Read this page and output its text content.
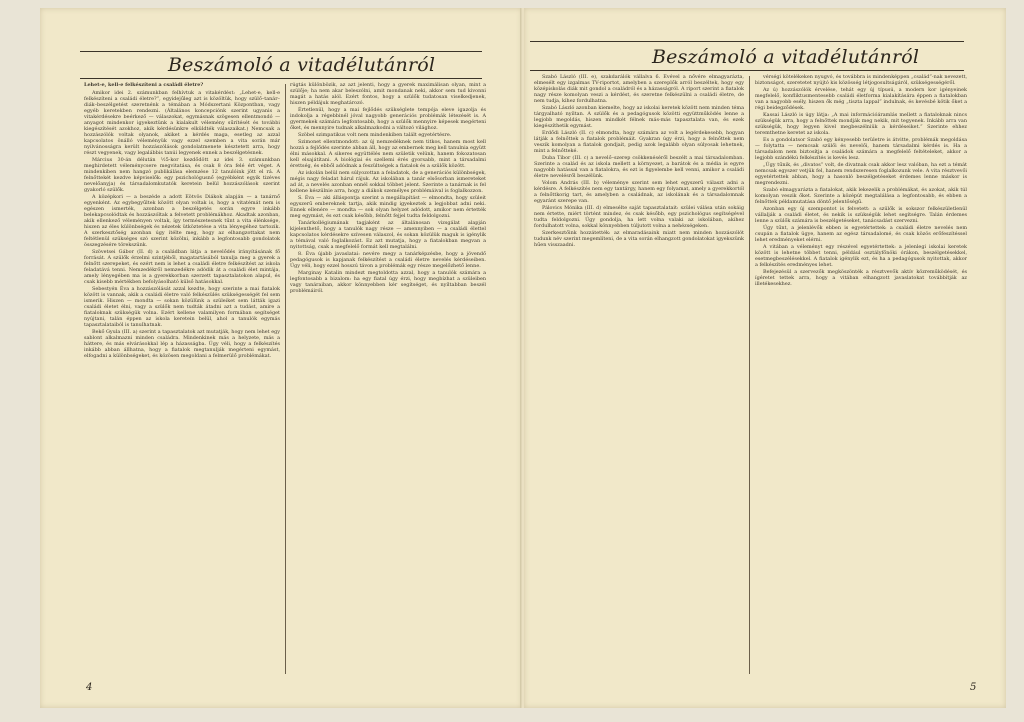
Beszámoló a vitadélutánról

Lehet-e, kell-e felkészíteni a családi életre?

Amikor idei 2. számunkban felhívtuk a vitakérdést: „Lehet-e, kell-e felkészíteni a családi életre?”, egyidejűleg azt is közöltük, hogy szülő–tanár–diák–beszélgetést szeretnénk a témában a Módszertani Központban, vagy egyéb keretekben rendezni. (Általános koncepciónk szerint ugyanis a vitakérdésekre beérkező — válaszokat, egymásnak szögesen ellentmondó — anyagot mindenkor igyekeztünk a kialakult vélemény sűrítését és további kiegészítését azokhoz, akik kérdésünkre elküldték válaszaikat.) Nemcsak a hozzászólók voltak olyanok, akiket a kérdés maga, esetleg az azzal kapcsolatos önálló véleményük vagy ezzel szemben a vita során már nyilvánosságra került hozzászólások gondolatmenete késztetett arra, hogy részt vegyenek, vagy legalábbis tanúi legyenek ennek a beszélgetésnek.

Március 30-án délután ½5-kor kezdődött az idei 3. számunkban meghirdetett véleménycsere megvitatása, és csak 8 óra felé ért véget. A mindenkiben nem hangzó publikálása elemzése 12 tanulóink jött el rá. A felnőttekét kezdve képviselők: egy pszichológusnő (egyébként egyik tizéves nevelőanyja) és társadalomkutatók keretein belül hozzászólások szerint gyakorló szülők.

A középkori — a beszéde a adott Eötvös Diákok alapján — a tanárnő egyenként. Az egybegyűltek között olyan voltak is, hogy a vitatémát nem is egészen ismerték, azonban a beszélgetés során egyre inkább belekapcsolódtak és hozzászóltak a felvetett problémákhoz. Akadtak azonban, akik ellenkező véleményen voltak, így természetesnek tűnt a vita élénksége, hiszen az éles különbségek és nézetek ütköztetése a vita lényegéhez tartozik. A szerkesztőség azonban úgy ítélte meg, hogy az elhangzottakat nem feltétlenül szükséges szó szerint közölni, inkább a legfontosabb gondolatok összegzésére törekszünk.

Szövetsei Gábor (II. d) a családban látja a nevelődés irányításának fő forrását. A szülők érzelmi szintjéből, magatartásából tanulja meg a gyerek a felnőtt szerepeket, és ezért nem is lehet a családi életre felkészítést az iskola feladatává tenni. Nemzedékről nemzedékre adódik át a családi élet mintája, amely lényegében ma is a gyerekkorban szerzett tapasztalatokon alapul, és csak kisebb mértékben befolyásolható külső hatásokkal.

Sebestyén Éva a hozzászólását azzal kezdte, hogy szerinte a mai fiatalok között is vannak, akik a családi életre való felkészülés szükségességét fel sem ismerik. Hiszen — mondta — sokan közülünk a szüleiket sem látták igazi családi életet élni, vagy a szülők nem tudták átadni azt a tudást, amire a fiataloknak szükségük volna. Ezért kellene valamilyen formában segítséget nyújtani, talán éppen az iskola keretein belül, ahol a tanulók egymás tapasztalataiból is tanulhatnak.

Bekő Gyula (III. a) szerint a tapasztalatok azt mutatják, hogy nem lehet egy sablont alkalmazni minden családra. Mindenkinek más a helyzete, más a háttere, és más elvárásokkal lép a házasságba. Úgy véli, hogy a felkészítés inkább abban állhatna, hogy a fiatalok megtanulják megérteni egymást, elfogadni a különbségeket, és közösen megoldani a felmerülő problémákat.

rúgtás különbözik, az azt jelenti, hogy a gyerek maximálisan olyan, mint a szülője; ha nem akar beleszólni, amit mondanak neki, akkor sem tud kivonni magát a hatás alól. Ezért fontos, hogy a szülők tudatosan viselkedjenek, hiszen példájuk meghatározó.

Értetlenül, hogy a mai fejlődés szükséglete tempója eleve igazolja és indokolja a régebbinél jóval nagyobb generációs problémák létezését is. A gyermekek számára legfontosabb, hogy a szülők mennyire képesek megérteni őket, és mennyire tudnak alkalmazkodni a változó világhoz.

Szöbel szimpatikus volt nem mindenkiben talált egyetértésre.

Szimonet ellentmondott: az új nemzedéknek nem titkos, hanem most kell hozzá a fejlődés szerinte abban áll, hogy az embernek meg kell tanulnia együtt élni másokkal. A sikeres együttélés nem születik velünk, hanem fokozatosan kell elsajátítani. A biológiai és szellemi érés gyorsabb, mint a társadalmi érettség, és ebből adódnak a feszültségek a fiatalok és a szülők között.

Az iskolán belül nem súlyozottan a feladatok, de a generációs különbségek, mégis nagy feladat hárul rájuk. Az iskolában a tanár elsősorban ismereteket ad át, a nevelés azonban ennél sokkal többet jelent. Szerinte a tanárnak is fel kellene készülnie arra, hogy a diákok személyes problémáival is foglalkozzon.

S. Éva — aki álláspontja szerint a megállapítást — elmondta, hogy szüleit egyszerű embereknek tartja, akik mindig igyekeztek a legjobbat adni neki. Ennek ellenére — mondta — sok olyan helyzet adódott, amikor nem értették meg egymást, és ezt csak később, felnőtt fejjel tudta feldolgozni.

Tanárkollégiumának tagjaként az általánosan vizsgálat alapján kijelenthető, hogy a tanulók nagy része — amennyiben — a családi élettel kapcsolatos kérdésekre szívesen válaszol, és sokan közülük maguk is igénylik a témával való foglalkozást. Ez azt mutatja, hogy a fiatalokban megvan a nyitottság, csak a megfelelő formát kell megtalálni.

8. Éva újabb javaslatai: nevére megy a tanárképzésbe, hogy a jövendő pedagógusok is kapjanak felkészítést a családi életre nevelés kérdéseiben. Úgy véli, hogy ezzel hosszú távon a problémák egy része megelőzhető lenne.

Marginay Katalin mindezt megtoldotta azzal, hogy a tanulók számára a legfontosabb a bizalom: ha egy fiatal úgy érzi, hogy megbízhat a szüleiben vagy tanáraiban, akkor könnyebben kér segítséget, és nyíltabban beszél problémáiról.

4
Beszámoló a vitadélutánról

Szabó László (III. e), szakdarálók vállalva 6. Évével a nővére elmagyarázta, elmesélt egy izgalmas TV-riportot, amelyben a szereplők arról beszéltek, hogy egy középiskolás diák mit gondol a családról és a házasságról. A riport szerint a fiatalok nagy része komolyan veszi a kérdést, és szeretne felkészülni a családi életre, de nem tudja, kihez fordulhatna.

Szabó László azonban kiemelte, hogy az iskolai keretek között nem minden téma tárgyalható nyíltan. A szülők és a pedagógusok közötti együttműködés lenne a legjobb megoldás, hiszen mindkét félnek más-más tapasztalata van, és ezek kiegészíthetik egymást.

Erdődi László (II. c) elmondta, hogy számára az volt a legérdekesebb, hogyan látják a felnőttek a fiatalok problémáit. Gyakran úgy érzi, hogy a felnőttek nem veszik komolyan a fiatalok gondjait, pedig azok legalább olyan súlyosak lehetnek, mint a felnőtteké.

Duba Tibor (III. c) a nevelő–szerep csökkenéséről beszélt a mai társadalomban. Szerinte a család és az iskola mellett a környezet, a barátok és a média is egyre nagyobb hatással van a fiatalokra, és ezt is figyelembe kell venni, amikor a családi életre nevelésről beszélünk.

Volom András (III. b) véleménye szerint sem lehet egyszerű választ adni a kérdésre. A felkészítés nem egy tantárgy, hanem egy folyamat, amely a gyerekkortól a felnőttkorig tart, és amelyben a családnak, az iskolának és a társadalomnak egyaránt szerepe van.

Pálovics Mónika (III. d) elmesélte saját tapasztalatait: szülei válása után sokáig nem értette, miért történt mindez, és csak később, egy pszichológus segítségével tudta feldolgozni. Úgy gondolja, ha lett volna valaki az iskolában, akihez fordulhatott volna, sokkal könnyebben túljutott volna a nehézségeken.

Szerkesztőink hozzátették: az elmaradásaink miatt nem minden hozzászólót tudunk név szerint megemlíteni, de a vita során elhangzott gondolatokat igyekszünk hűen visszaadni.

vérségi kötelékeken nyugvó, és továbbra is mindenképpen „család”-nak nevezett, biztonságot, szeretetet nyújtó kis közösség létjogosultságáról, szükségességéről.

Az ú) hozzászólók érvelése, tehát egy új típusú, a modern kor igényeinek megfelelő, konfliktusmentesebb családi életforma kialakítására éppen a fiatalokban van a nagyobb esély, hiszen ők még „tiszta lappal” indulnak, és kevésbé kötik őket a régi beidegződések.

Kassai László is úgy látja: „A mai információáramlás mellett a fiataloknak nincs szükségük arra, hogy a felnőttek mondják meg nekik, mit tegyenek. Inkább arra van szükségük, hogy legyen kivel megbeszélniük a kérdéseiket.” Szerinte ehhez teremthetne keretet az iskola.

Es a gondolatsor Szabó egy kényesebb területre is átvitte, problémák megoldása — folytatta — nemcsak szülői és nevelői, hanem társadalmi kérdés is. Ha a társadalom nem biztosítja a családok számára a megfelelő feltételeket, akkor a legjobb szándékú felkészítés is kevés lesz.

„Úgy tűnik, és „divatos” volt, de divatnak csak akkor lesz valóban, ha ezt a témát nemcsak egyszer vetjük fel, hanem rendszeresen foglalkozunk vele. A vita résztvevői egyetértettek abban, hogy a hasonló beszélgetéseket érdemes lenne máskor is megrendezni.

Szabó elmagyarázta a fiatalokat, akik lekezelik a problémákat, és azokat, akik túl komolyan veszik őket. Szerinte a középút megtalálása a legfontosabb, és ebben a felnőttek példamutatása döntő jelentőségű.

Azonban egy új szempontot is felvetett: a szülők is sokszor felkészületlenül vállalják a családi életet, és nekik is szükségük lehet segítségre. Talán érdemes lenne a szülők számára is beszélgetéseket, tanácsadást szervezni.

Úgy tűnt, a jelenlévők ebben is egyetértettek: a családi életre nevelés nem csupán a fiatalok ügye, hanem az egész társadalomé, és csak közös erőfeszítéssel lehet eredményeket elérni.

A vitában a véleményt egy részével egyetértettek: a jelenlegi iskolai keretek között is lehetne többet tenni, például osztályfőnöki órákon, beszélgetésekkel, esetmegbeszélésekkel. A fiatalok igénylik ezt, és ha a pedagógusok nyitottak, akkor a felkészítés eredményes lehet.

Befejezésül a szervezők megköszönték a résztvevők aktív közreműködését, és ígéretet tettek arra, hogy a vitában elhangzott javaslatokat továbbítják az illetékesekhez.

5
